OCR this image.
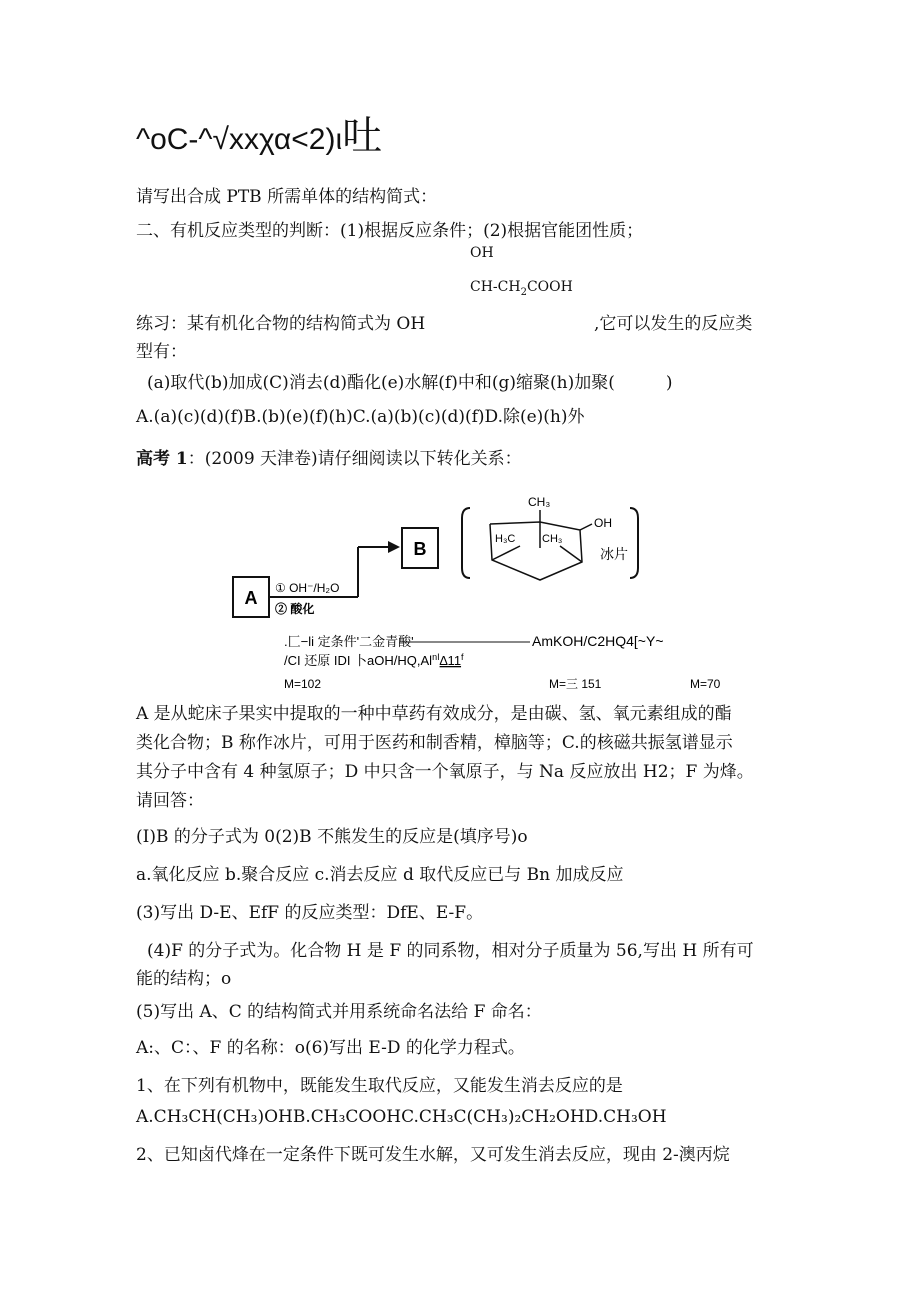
^oC-^√xxχα<2)ι吐
请写出合成 PTB 所需单体的结构简式：
二、有机反应类型的判断：(1)根据反应条件；(2)根据官能团性质；
OH
$CH-CH_2COOH$
练习：某有机化合物的结构简式为 OH	,它可以发生的反应类
型有：
(a)取代(b)加成(C)消去(d)酯化(e)水解(f)中和(g)缩聚(h)加聚(　　　)
A.(a)(c)(d)(f)B.(b)(e)(f)(h)C.(a)(b)(c)(d)(f)D.除(e)(h)外
高考 1：(2009 天津卷)请仔细阅读以下转化关系：
A ① OH⁻/H₂O
② 酸化
B
CH₃
OH
H₃C CH₃
冰片
.匚−li 定条件'二金青酸'	AmKOH/C2HQ4[~Y~
/CI 还原 IDI 卜aOH/$HQ,Al^{nI}\Delta 11^f$
M=102	M=三 151	M=70
A 是从蛇床子果实中提取的一种中草药有效成分，是由碳、氢、氧元素组成的酯
类化合物；B 称作冰片，可用于医药和制香精，樟脑等；C.的核磁共振氢谱显示
其分子中含有 4 种氢原子；D 中只含一个氧原子，与 Na 反应放出 H2；F 为烽。
请回答：
(I)B 的分子式为 0(2)B 不熊发生的反应是(填序号)o
a.氧化反应 b.聚合反应 c.消去反应 d 取代反应已与 Bn 加成反应
(3)写出 D-E、EfF 的反应类型：DfE、E-F。
(4)F 的分子式为。化合物 H 是 F 的同系物，相对分子质量为 56,写出 H 所有可
能的结构；o
(5)写出 A、C 的结构简式并用系统命名法给 F 命名：
A:、C：、F 的名称：o(6)写出 E-D 的化学力程式。
1、在下列有机物中，既能发生取代反应，又能发生消去反应的是
A.CH₃CH(CH₃)OHB.CH₃COOHC.CH₃C(CH₃)₂CH₂OHD.CH₃OH
2、已知卤代烽在一定条件下既可发生水解，又可发生消去反应，现由 2-澳丙烷
